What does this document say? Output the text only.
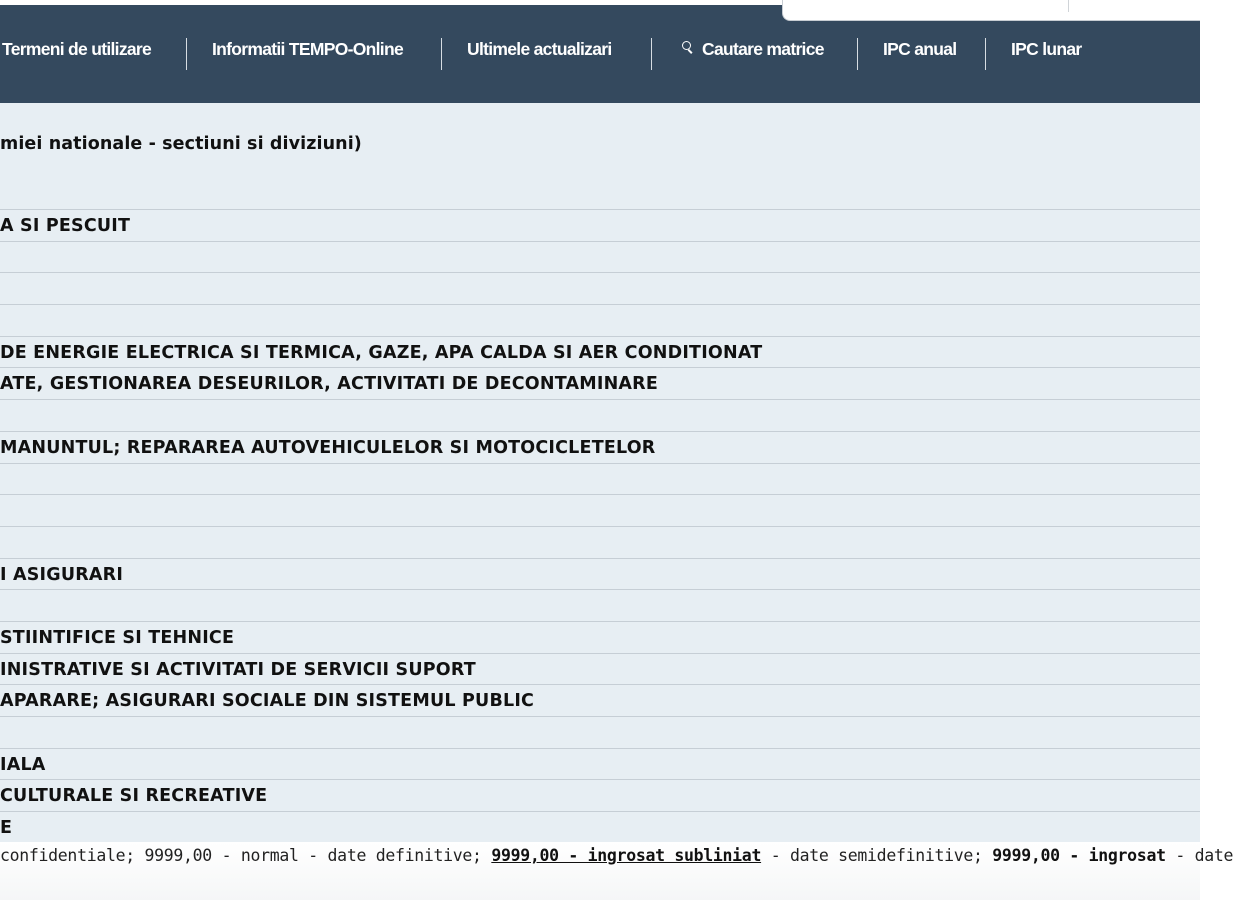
Termeni de utilizare	Informatii TEMPO-Online	Ultimele actualizari	Cautare matrice	IPC anual	IPC lunar
miei nationale - sectiuni si diviziuni)
A SI PESCUIT
DE ENERGIE ELECTRICA SI TERMICA, GAZE, APA CALDA SI AER CONDITIONAT
ATE, GESTIONAREA DESEURILOR, ACTIVITATI DE DECONTAMINARE
MANUNTUL; REPARAREA AUTOVEHICULELOR SI MOTOCICLETELOR
I ASIGURARI
STIINTIFICE SI TEHNICE
INISTRATIVE SI ACTIVITATI DE SERVICII SUPORT
APARARE; ASIGURARI SOCIALE DIN SISTEMUL PUBLIC
IALA
CULTURALE SI RECREATIVE
E
confidentiale; 9999,00 - normal - date definitive; 9999,00 - ingrosat subliniat - date semidefinitive; 9999,00 - ingrosat - date
